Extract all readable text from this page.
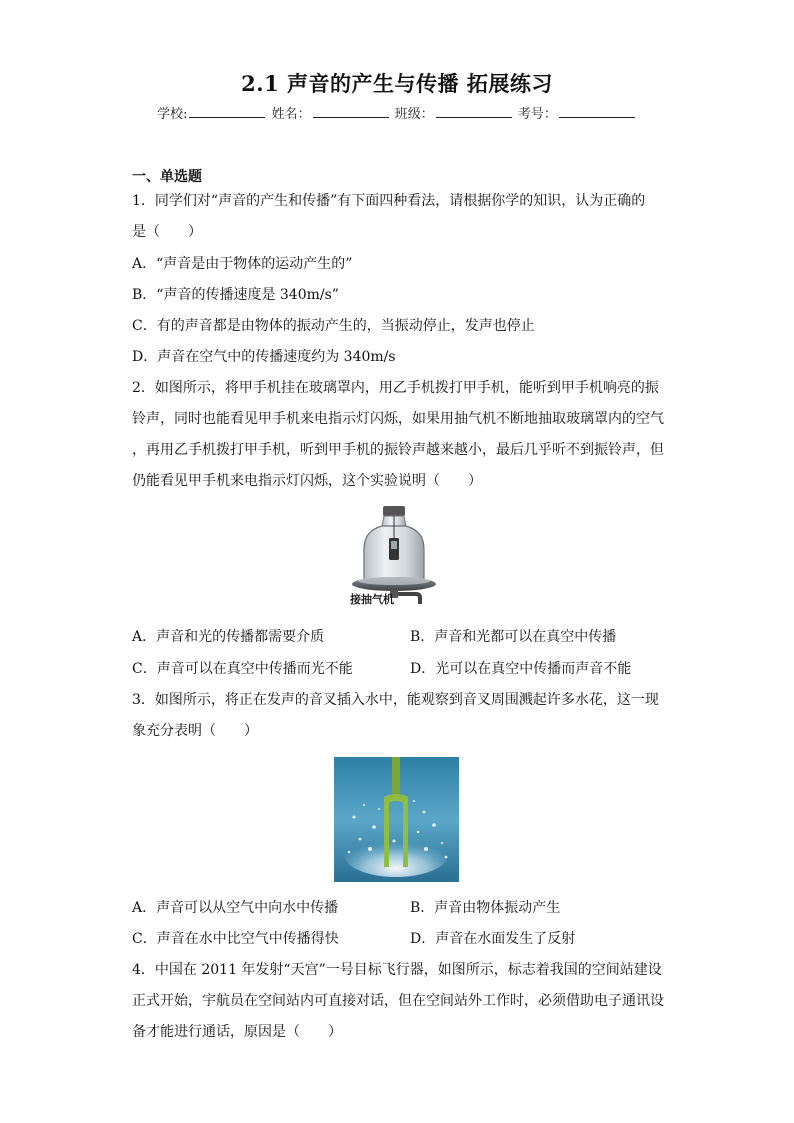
2.1 声音的产生与传播 拓展练习
学校:	姓名：	班级：	考号：
一、单选题
1．同学们对“声音的产生和传播”有下面四种看法，请根据你学的知识，认为正确的
是（　　）
A．“声音是由于物体的运动产生的”
B．“声音的传播速度是 340m/s”
C．有的声音都是由物体的振动产生的，当振动停止，发声也停止
D．声音在空气中的传播速度约为 340m/s
2．如图所示，将甲手机挂在玻璃罩内，用乙手机拨打甲手机，能听到甲手机响亮的振
铃声，同时也能看见甲手机来电指示灯闪烁，如果用抽气机不断地抽取玻璃罩内的空气
，再用乙手机拨打甲手机，听到甲手机的振铃声越来越小，最后几乎听不到振铃声，但
仍能看见甲手机来电指示灯闪烁，这个实验说明（　　）
接抽气机
A．声音和光的传播都需要介质	B．声音和光都可以在真空中传播
C．声音可以在真空中传播而光不能	D．光可以在真空中传播而声音不能
3．如图所示，将正在发声的音叉插入水中，能观察到音叉周围溅起许多水花，这一现
象充分表明（　　）
A．声音可以从空气中向水中传播	B．声音由物体振动产生
C．声音在水中比空气中传播得快	D．声音在水面发生了反射
4．中国在 2011 年发射“天宫”一号目标飞行器，如图所示，标志着我国的空间站建设
正式开始，宇航员在空间站内可直接对话，但在空间站外工作时，必须借助电子通讯设
备才能进行通话，原因是（　　）
